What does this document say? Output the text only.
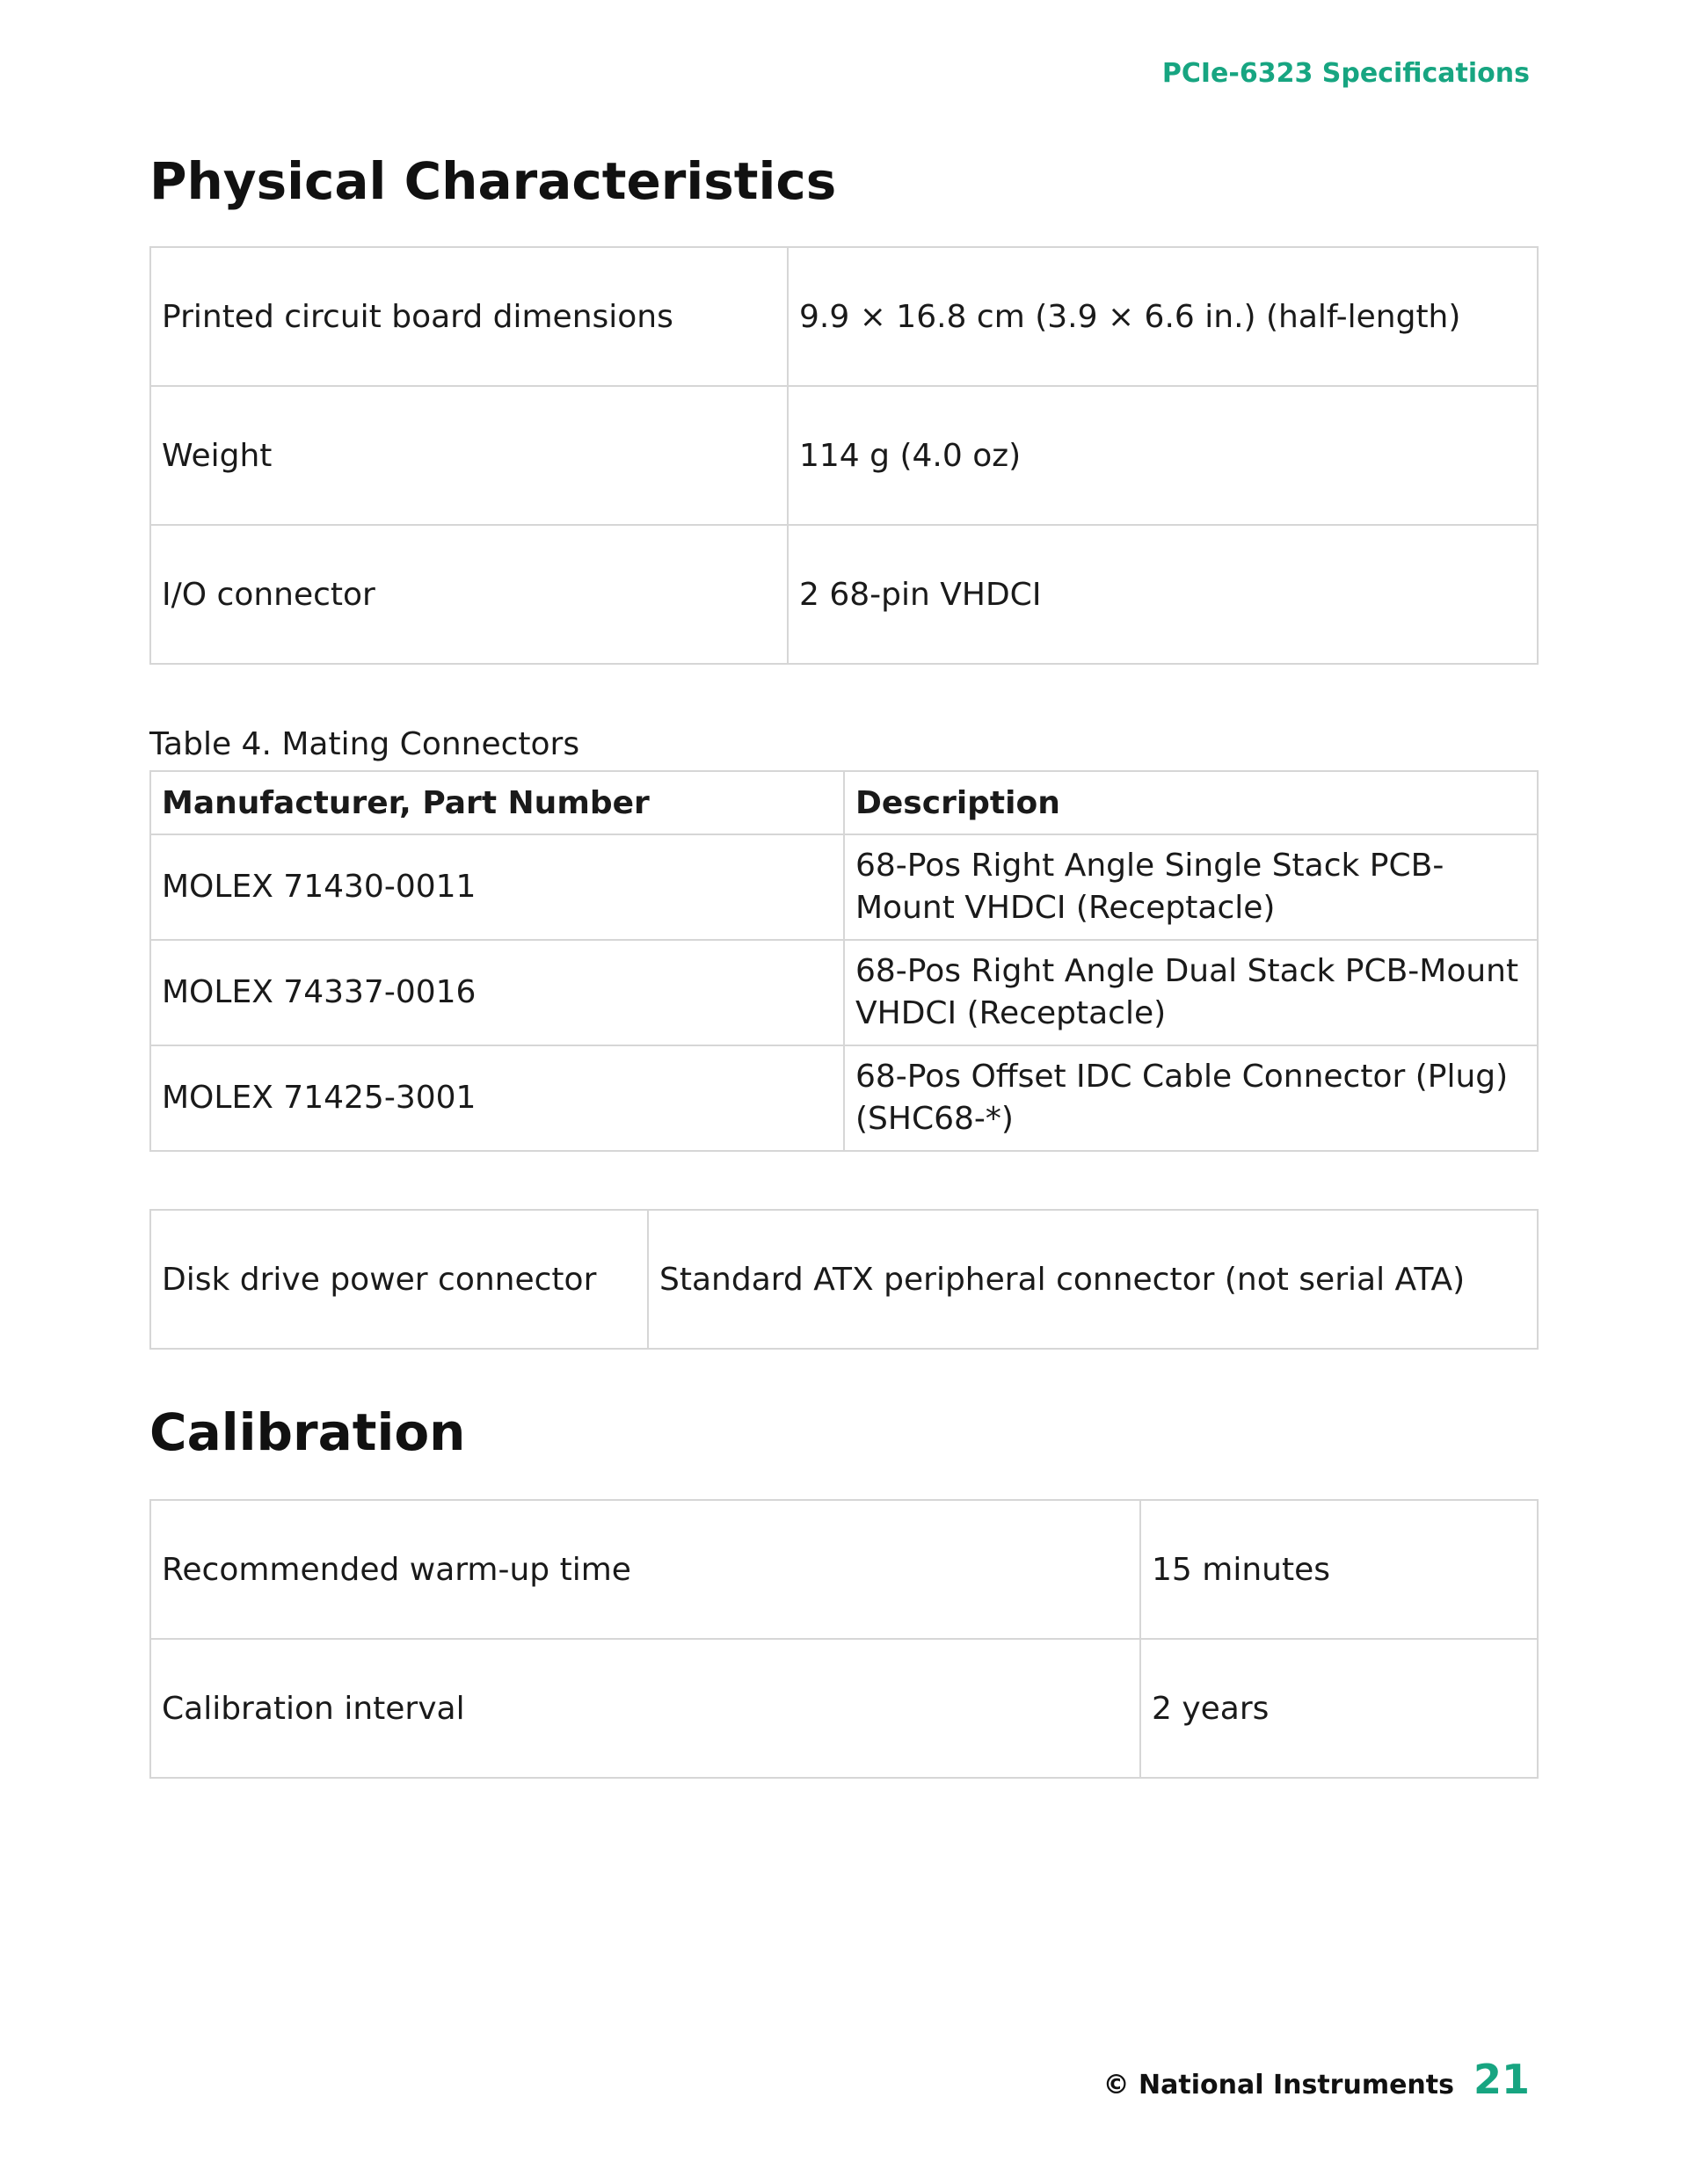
PCIe-6323 Specifications
Physical Characteristics
Printed circuit board dimensions	9.9 × 16.8 cm (3.9 × 6.6 in.) (half-length)
Weight	114 g (4.0 oz)
I/O connector	2 68-pin VHDCI
Table 4. Mating Connectors
Manufacturer, Part Number	Description
MOLEX 71430-0011	68-Pos Right Angle Single Stack PCB-Mount VHDCI (Receptacle)
MOLEX 74337-0016	68-Pos Right Angle Dual Stack PCB-Mount VHDCI (Receptacle)
MOLEX 71425-3001	68-Pos Offset IDC Cable Connector (Plug) (SHC68-*)
Disk drive power connector	Standard ATX peripheral connector (not serial ATA)
Calibration
Recommended warm-up time	15 minutes
Calibration interval	2 years
© National Instruments 21
